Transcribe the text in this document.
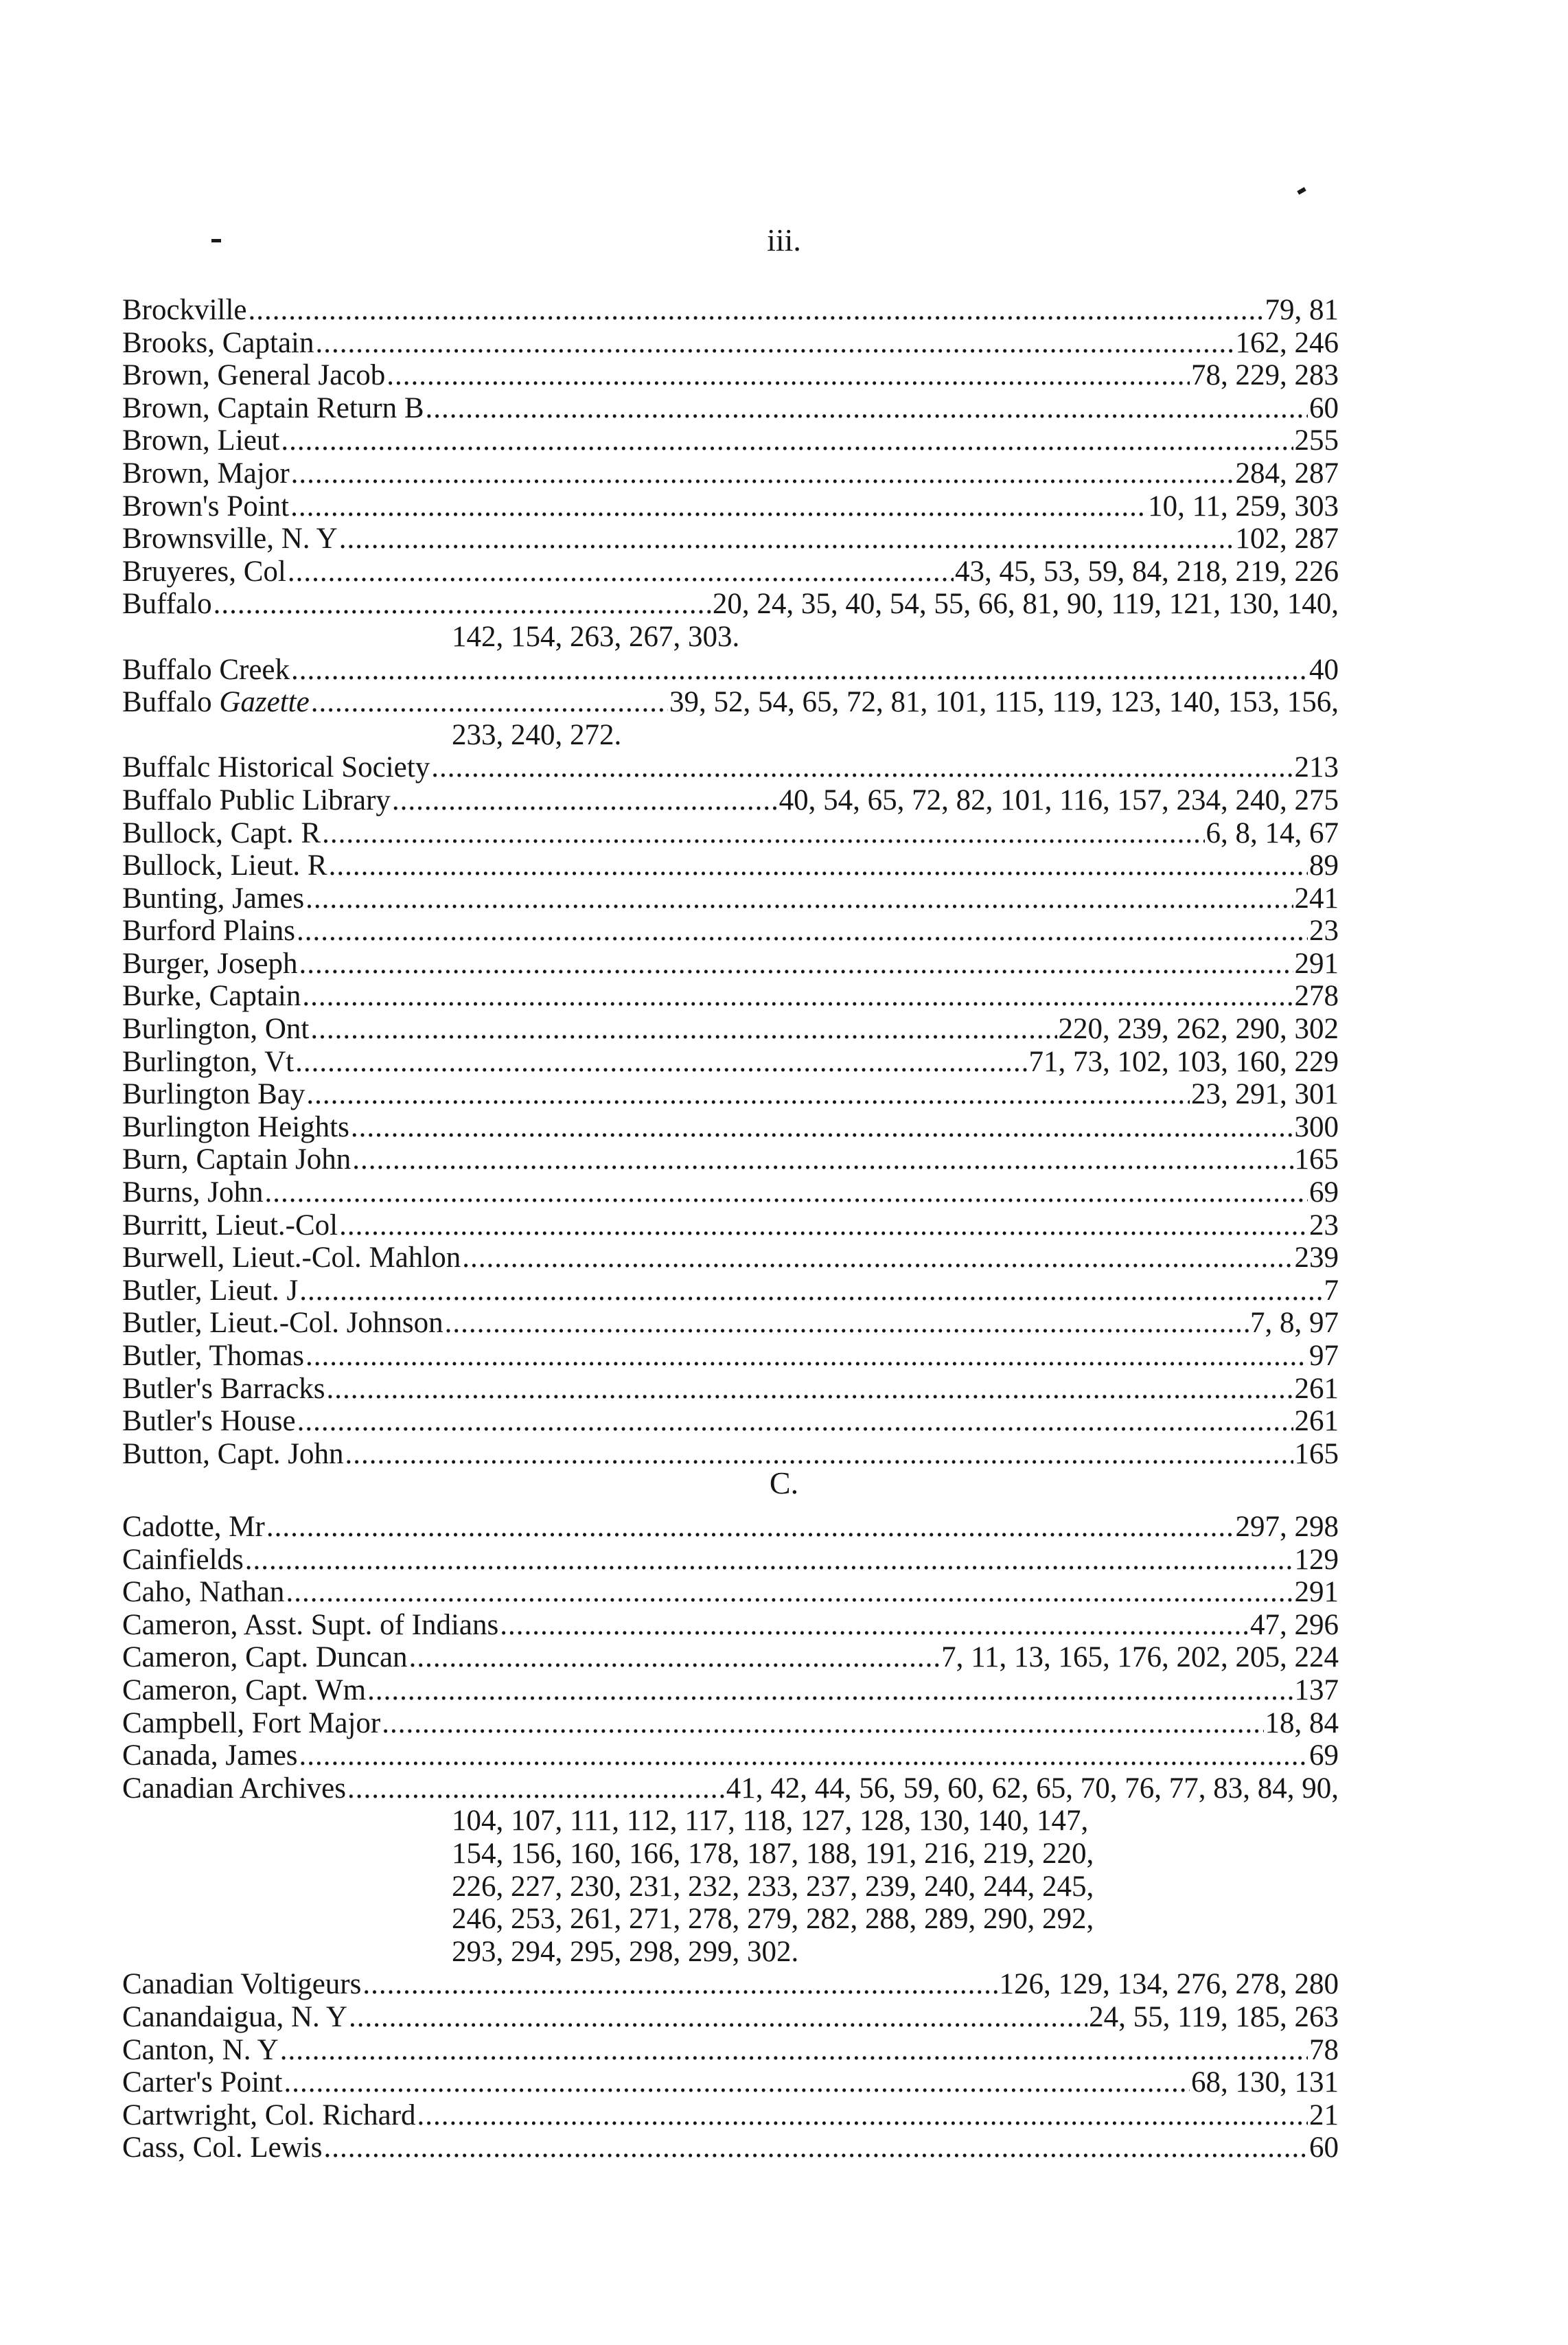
iii.
Brockville .....	79, 81
Brooks, Captain .....	162, 246
Brown, General Jacob .....	78, 229, 283
Brown, Captain Return B .....	60
Brown, Lieut .....	255
Brown, Major .....	284, 287
Brown's Point .....	10, 11, 259, 303
Brownsville, N. Y .....	102, 287
Bruyeres, Col .....	43, 45, 53, 59, 84, 218, 219, 226
Buffalo .....	20, 24, 35, 40, 54, 55, 66, 81, 90, 119, 121, 130, 140,
142, 154, 263, 267, 303.
Buffalo Creek .....	40
Buffalo Gazette .....	39, 52, 54, 65, 72, 81, 101, 115, 119, 123, 140, 153, 156,
233, 240, 272.
Buffalc Historical Society .....	213
Buffalo Public Library .....	40, 54, 65, 72, 82, 101, 116, 157, 234, 240, 275
Bullock, Capt. R .....	6, 8, 14, 67
Bullock, Lieut. R .....	89
Bunting, James .....	241
Burford Plains .....	23
Burger, Joseph .....	291
Burke, Captain .....	278
Burlington, Ont .....	220, 239, 262, 290, 302
Burlington, Vt .....	71, 73, 102, 103, 160, 229
Burlington Bay .....	23, 291, 301
Burlington Heights .....	300
Burn, Captain John .....	165
Burns, John .....	69
Burritt, Lieut.-Col .....	23
Burwell, Lieut.-Col. Mahlon .....	239
Butler, Lieut. J .....	7
Butler, Lieut.-Col. Johnson .....	7, 8, 97
Butler, Thomas .....	97
Butler's Barracks .....	261
Butler's House .....	261
Button, Capt. John .....	165
C.
Cadotte, Mr .....	297, 298
Cainfields .....	129
Caho, Nathan .....	291
Cameron, Asst. Supt. of Indians .....	47, 296
Cameron, Capt. Duncan .....	7, 11, 13, 165, 176, 202, 205, 224
Cameron, Capt. Wm .....	137
Campbell, Fort Major .....	18, 84
Canada, James .....	69
Canadian Archives .....	41, 42, 44, 56, 59, 60, 62, 65, 70, 76, 77, 83, 84, 90,
104, 107, 111, 112, 117, 118, 127, 128, 130, 140, 147,
154, 156, 160, 166, 178, 187, 188, 191, 216, 219, 220,
226, 227, 230, 231, 232, 233, 237, 239, 240, 244, 245,
246, 253, 261, 271, 278, 279, 282, 288, 289, 290, 292,
293, 294, 295, 298, 299, 302.
Canadian Voltigeurs .....	126, 129, 134, 276, 278, 280
Canandaigua, N. Y .....	24, 55, 119, 185, 263
Canton, N. Y .....	78
Carter's Point .....	68, 130, 131
Cartwright, Col. Richard .....	21
Cass, Col. Lewis .....	60
